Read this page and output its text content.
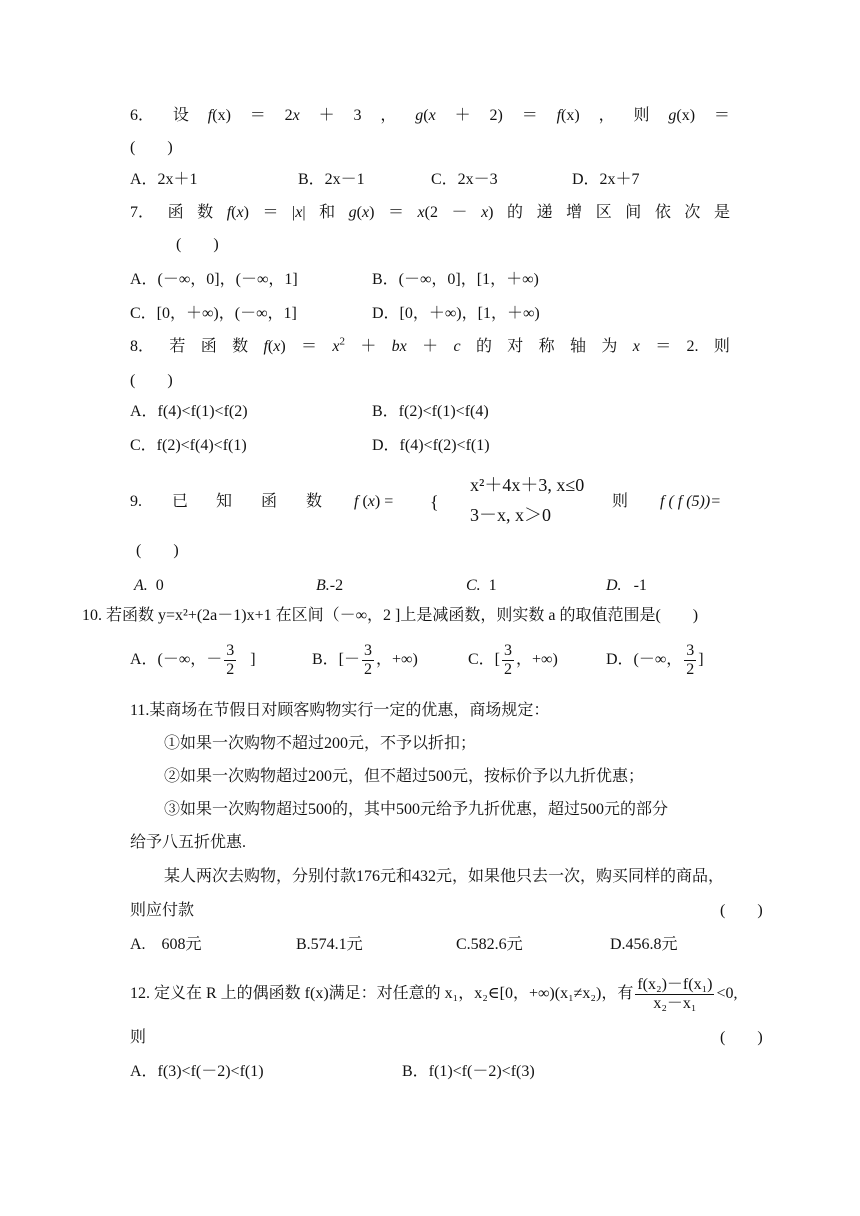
6． 设 f(x) ＝ 2x ＋ 3 ， g(x ＋ 2) ＝ f(x) ， 则 g(x) ＝
(　　)
A．2x＋1	B．2x－1	C．2x－3	D．2x＋7
7． 函 数 f(x) ＝ |x| 和 g(x) ＝ x(2 － x) 的 递 增 区 间 依 次 是
(　　)
A．(－∞，0]，(－∞，1]	B．(－∞，0]，[1，＋∞)
C．[0，＋∞)，(－∞，1]	D．[0，＋∞)，[1，＋∞)
8． 若 函 数 $f(x) = x^2$ ＋ bx ＋ c 的 对 称 轴 为 x ＝ 2. 则
(　　)
A．f(4)<f(1)<f(2)	B．f(2)<f(1)<f(4)
C．f(2)<f(4)<f(1)	D．f(4)<f(2)<f(1)
9. 已 知 函 数 f (x) = {
x²＋4x＋3, x≤0
3－x, x＞0
则 f ( f (5))=
(　　)
A. 0	B.-2	C. 1	D. -1
10. 若函数 y=x²+(2a－1)x+1 在区间（－∞，2 ]上是减函数，则实数 a 的取值范围是(　　)
A．(－∞，－ $\frac{3}{2}$ ]	B．[－ $\frac{3}{2}$ ，+∞)	C．[ $\frac{3}{2}$ ，+∞)	D．(－∞， $\frac{3}{2}$ ]
11.某商场在节假日对顾客购物实行一定的优惠，商场规定：
①如果一次购物不超过200元，不予以折扣；
②如果一次购物超过200元，但不超过500元，按标价予以九折优惠；
③如果一次购物超过500的，其中500元给予九折优惠，超过500元的部分
给予八五折优惠.
某人两次去购物，分别付款176元和432元，如果他只去一次，购买同样的商品，
则应付款	(　　)
A.　608元	B.574.1元	C.582.6元	D.456.8元
12. 定义在 R 上的偶函数 f(x)满足：对任意的 x₁，x₂∈[0，+∞)(x₁≠x₂)，有 $\frac{\text{f(x₂)－f(x₁)}}{\text{x₂－x₁}} <0$,
则	(　　)
A．f(3)<f(－2)<f(1)	B．f(1)<f(－2)<f(3)
